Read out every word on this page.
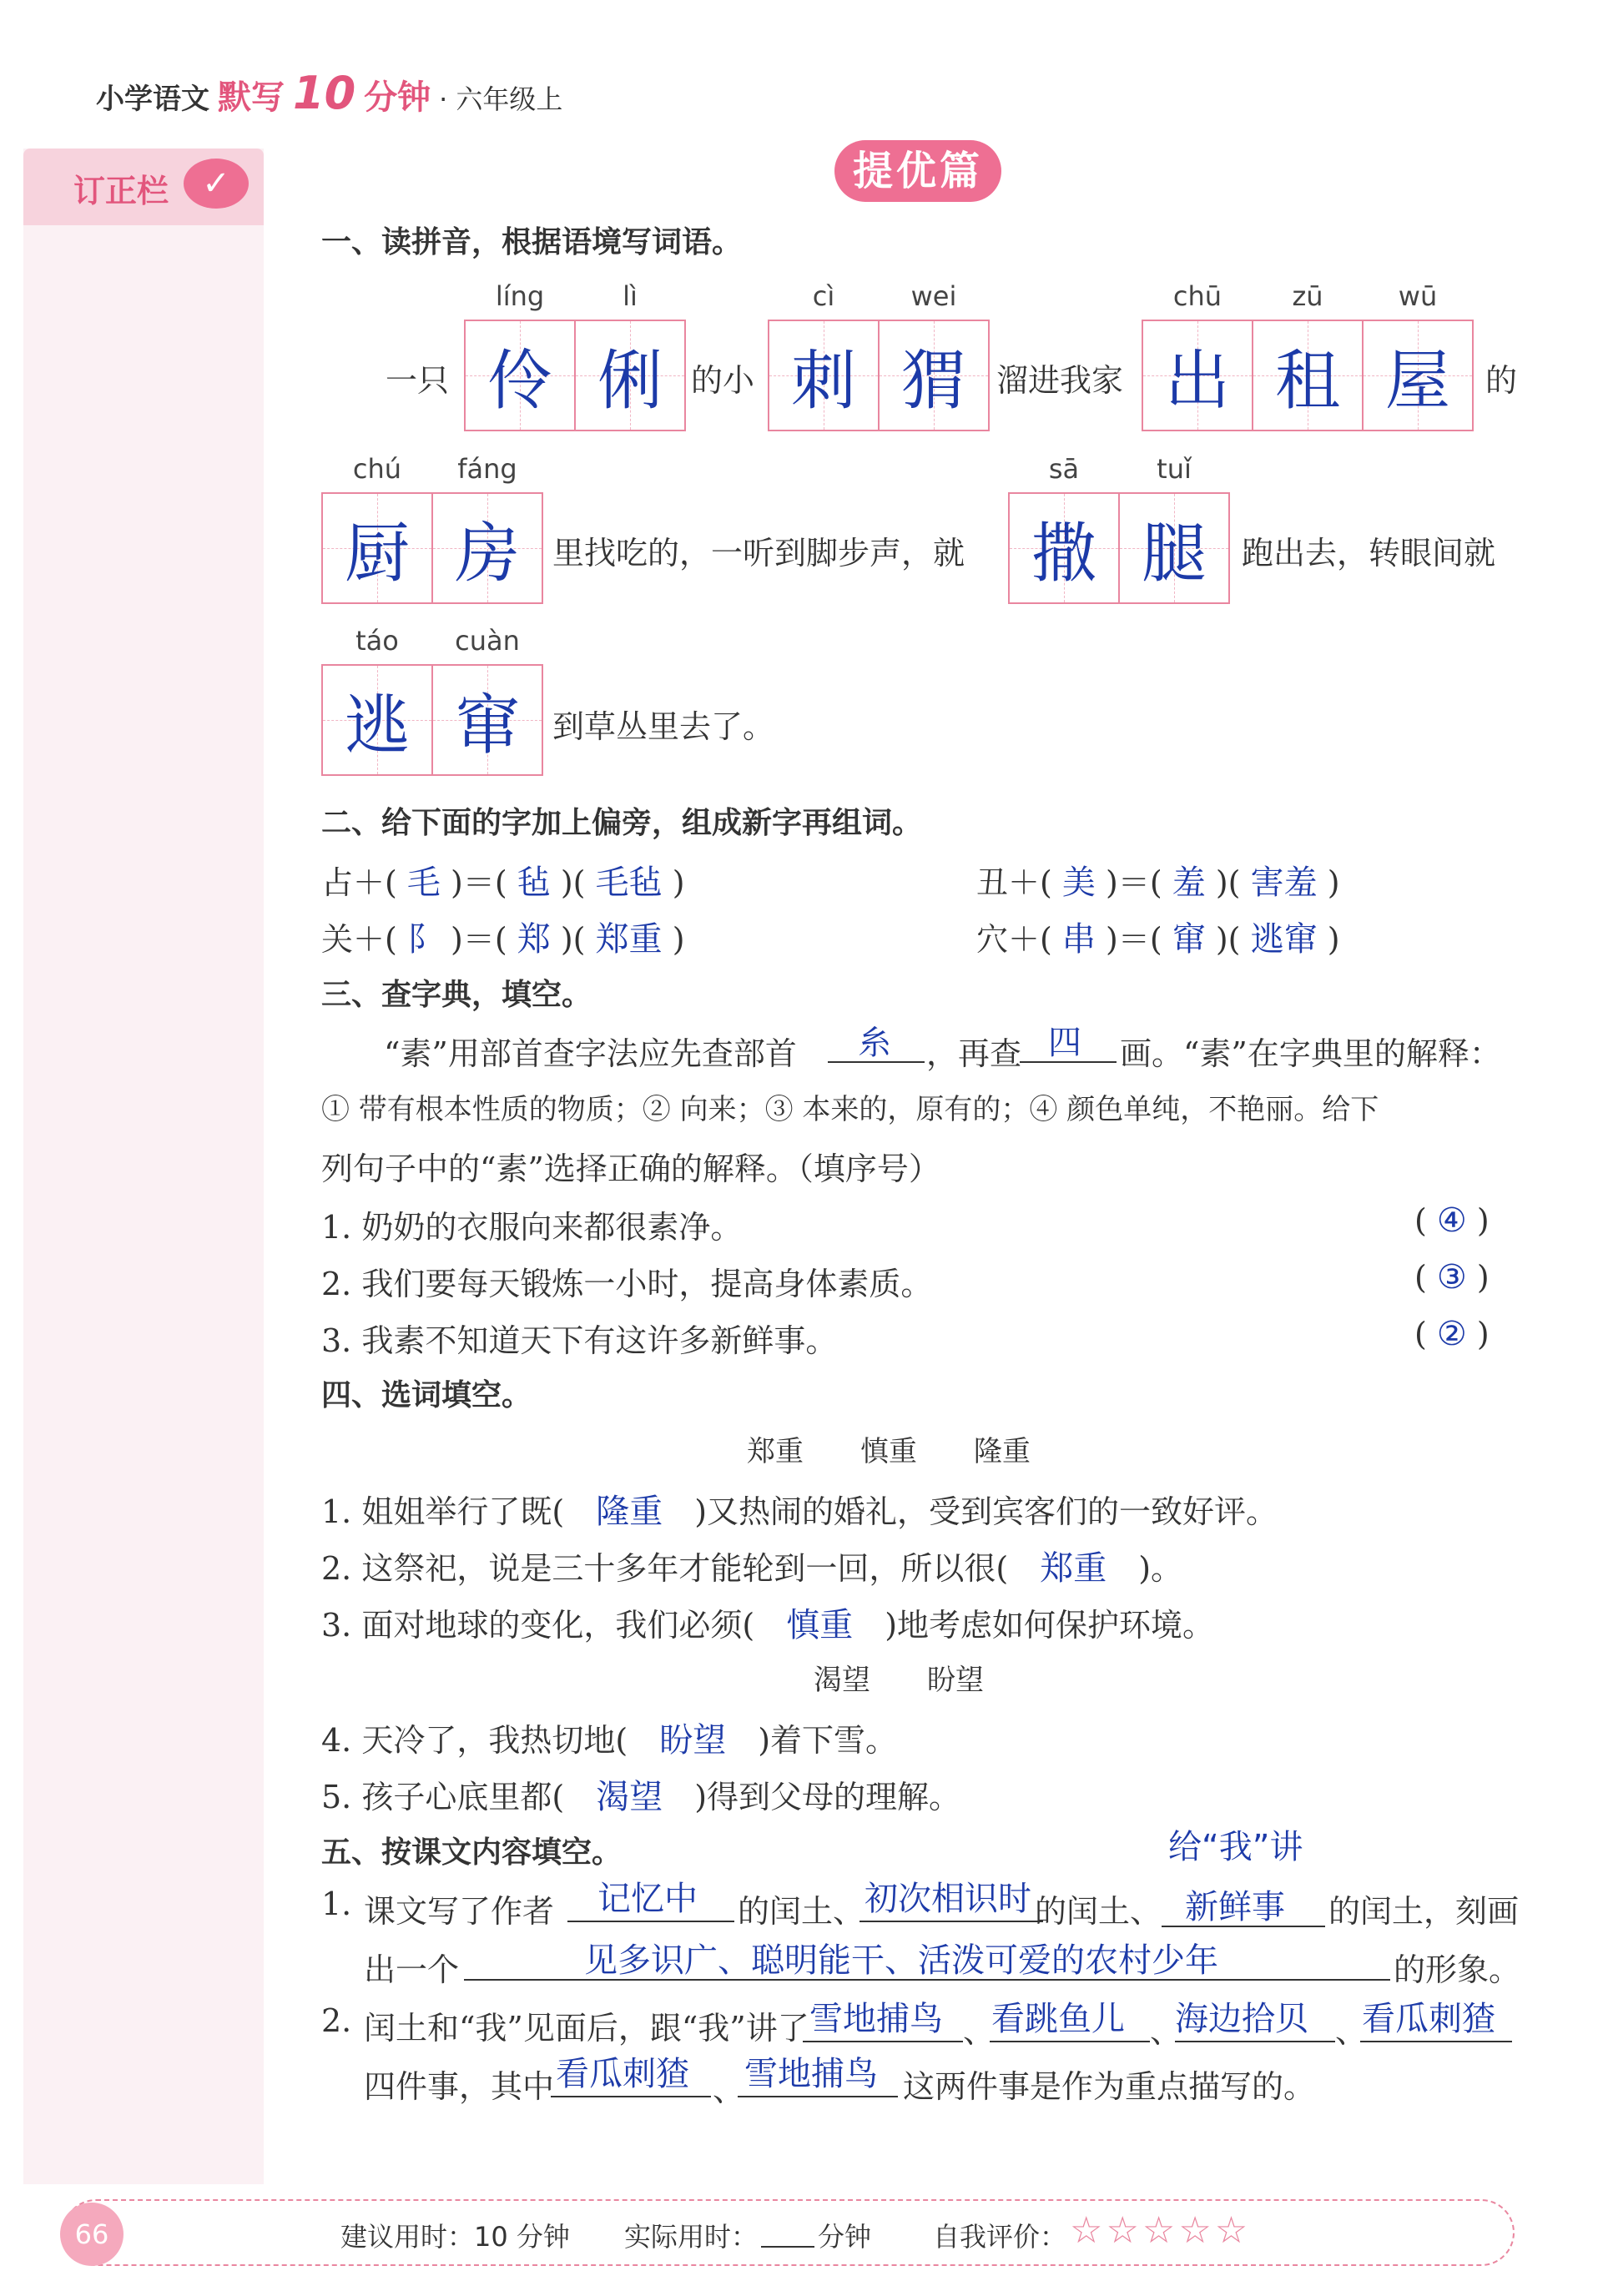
订正栏	✓
小学语文 默写 10 分钟 · 六年级上
提优篇
一、读拼音，根据语境写词语。
一只
líng	lì
伶 俐 的小
cì	wei
刺 猬 溜进我家
chū	zū	wū
出 租 屋 的
chú	fáng
厨 房 里找吃的，一听到脚步声，就
sā	tuǐ
撒 腿 跑出去，转眼间就
táo	cuàn
逃 窜 到草丛里去了。
二、给下面的字加上偏旁，组成新字再组词。
占＋( 毛 )＝( 毡 )( 毛毡 )	丑＋( 美 )＝( 羞 )( 害羞 )
关＋( 阝 )＝( 郑 )( 郑重 )	穴＋( 串 )＝( 窜 )( 逃窜 )
三、查字典，填空。
“素”用部首查字法应先查部首 糸 ，再查 四 画。“素”在字典里的解释：
① 带有根本性质的物质；② 向来；③ 本来的，原有的；④ 颜色单纯，不艳丽。给下
列句子中的“素”选择正确的解释。（填序号）
1. 奶奶的衣服向来都很素净。	( ④ )
2. 我们要每天锻炼一小时，提高身体素质。	( ③ )
3. 我素不知道天下有这许多新鲜事。	( ② )
四、选词填空。
郑重　　慎重　　隆重
1. 姐姐举行了既(　 隆重　 )又热闹的婚礼，受到宾客们的一致好评。
2. 这祭祀，说是三十多年才能轮到一回，所以很(　 郑重　 )。
3. 面对地球的变化，我们必须(　 慎重　 )地考虑如何保护环境。
渴望　　盼望
4. 天冷了，我热切地(　 盼望　 )着下雪。
5. 孩子心底里都(　 渴望　 )得到父母的理解。
五、按课文内容填空。	给“我”讲
1. 课文写了作者 记忆中 的闰土、 初次相识时 的闰土、 新鲜事 的闰土，刻画
出一个	见多识广、聪明能干、活泼可爱的农村少年	的形象。
2. 闰土和“我”见面后，跟“我”讲了 雪地捕鸟 、
看跳鱼儿 、
海边拾贝 、
看瓜刺猹
四件事，其中 看瓜刺猹 、 雪地捕鸟 这两件事是作为重点描写的。
66	建议用时：10 分钟 实际用时： 分钟 自我评价： ☆☆☆☆☆
